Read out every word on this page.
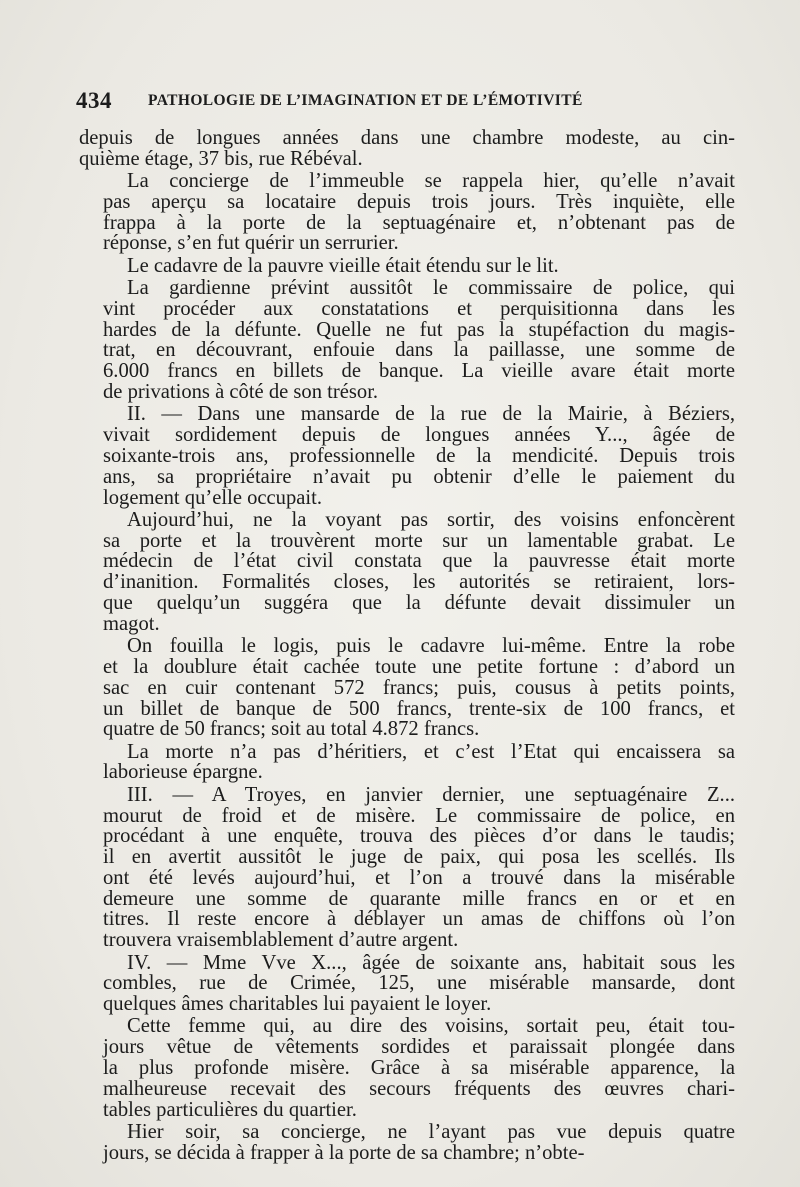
434 PATHOLOGIE DE L’IMAGINATION ET DE L’ÉMOTIVITÉ
depuis de longues années dans une chambre modeste, au cin-
quième étage, 37 bis, rue Rébéval.
La concierge de l’immeuble se rappela hier, qu’elle n’avait
pas aperçu sa locataire depuis trois jours. Très inquiète, elle
frappa à la porte de la septuagénaire et, n’obtenant pas de
réponse, s’en fut quérir un serrurier.
Le cadavre de la pauvre vieille était étendu sur le lit.
La gardienne prévint aussitôt le commissaire de police, qui
vint procéder aux constatations et perquisitionna dans les
hardes de la défunte. Quelle ne fut pas la stupéfaction du magis-
trat, en découvrant, enfouie dans la paillasse, une somme de
6.000 francs en billets de banque. La vieille avare était morte
de privations à côté de son trésor.
II. — Dans une mansarde de la rue de la Mairie, à Béziers,
vivait sordidement depuis de longues années Y..., âgée de
soixante-trois ans, professionnelle de la mendicité. Depuis trois
ans, sa propriétaire n’avait pu obtenir d’elle le paiement du
logement qu’elle occupait.
Aujourd’hui, ne la voyant pas sortir, des voisins enfoncèrent
sa porte et la trouvèrent morte sur un lamentable grabat. Le
médecin de l’état civil constata que la pauvresse était morte
d’inanition. Formalités closes, les autorités se retiraient, lors-
que quelqu’un suggéra que la défunte devait dissimuler un
magot.
On fouilla le logis, puis le cadavre lui-même. Entre la robe
et la doublure était cachée toute une petite fortune : d’abord un
sac en cuir contenant 572 francs; puis, cousus à petits points,
un billet de banque de 500 francs, trente-six de 100 francs, et
quatre de 50 francs; soit au total 4.872 francs.
La morte n’a pas d’héritiers, et c’est l’Etat qui encaissera sa
laborieuse épargne.
III. — A Troyes, en janvier dernier, une septuagénaire Z...
mourut de froid et de misère. Le commissaire de police, en
procédant à une enquête, trouva des pièces d’or dans le taudis;
il en avertit aussitôt le juge de paix, qui posa les scellés. Ils
ont été levés aujourd’hui, et l’on a trouvé dans la misérable
demeure une somme de quarante mille francs en or et en
titres. Il reste encore à déblayer un amas de chiffons où l’on
trouvera vraisemblablement d’autre argent.
IV. — Mme Vve X..., âgée de soixante ans, habitait sous les
combles, rue de Crimée, 125, une misérable mansarde, dont
quelques âmes charitables lui payaient le loyer.
Cette femme qui, au dire des voisins, sortait peu, était tou-
jours vêtue de vêtements sordides et paraissait plongée dans
la plus profonde misère. Grâce à sa misérable apparence, la
malheureuse recevait des secours fréquents des œuvres chari-
tables particulières du quartier.
Hier soir, sa concierge, ne l’ayant pas vue depuis quatre
jours, se décida à frapper à la porte de sa chambre; n’obte-
